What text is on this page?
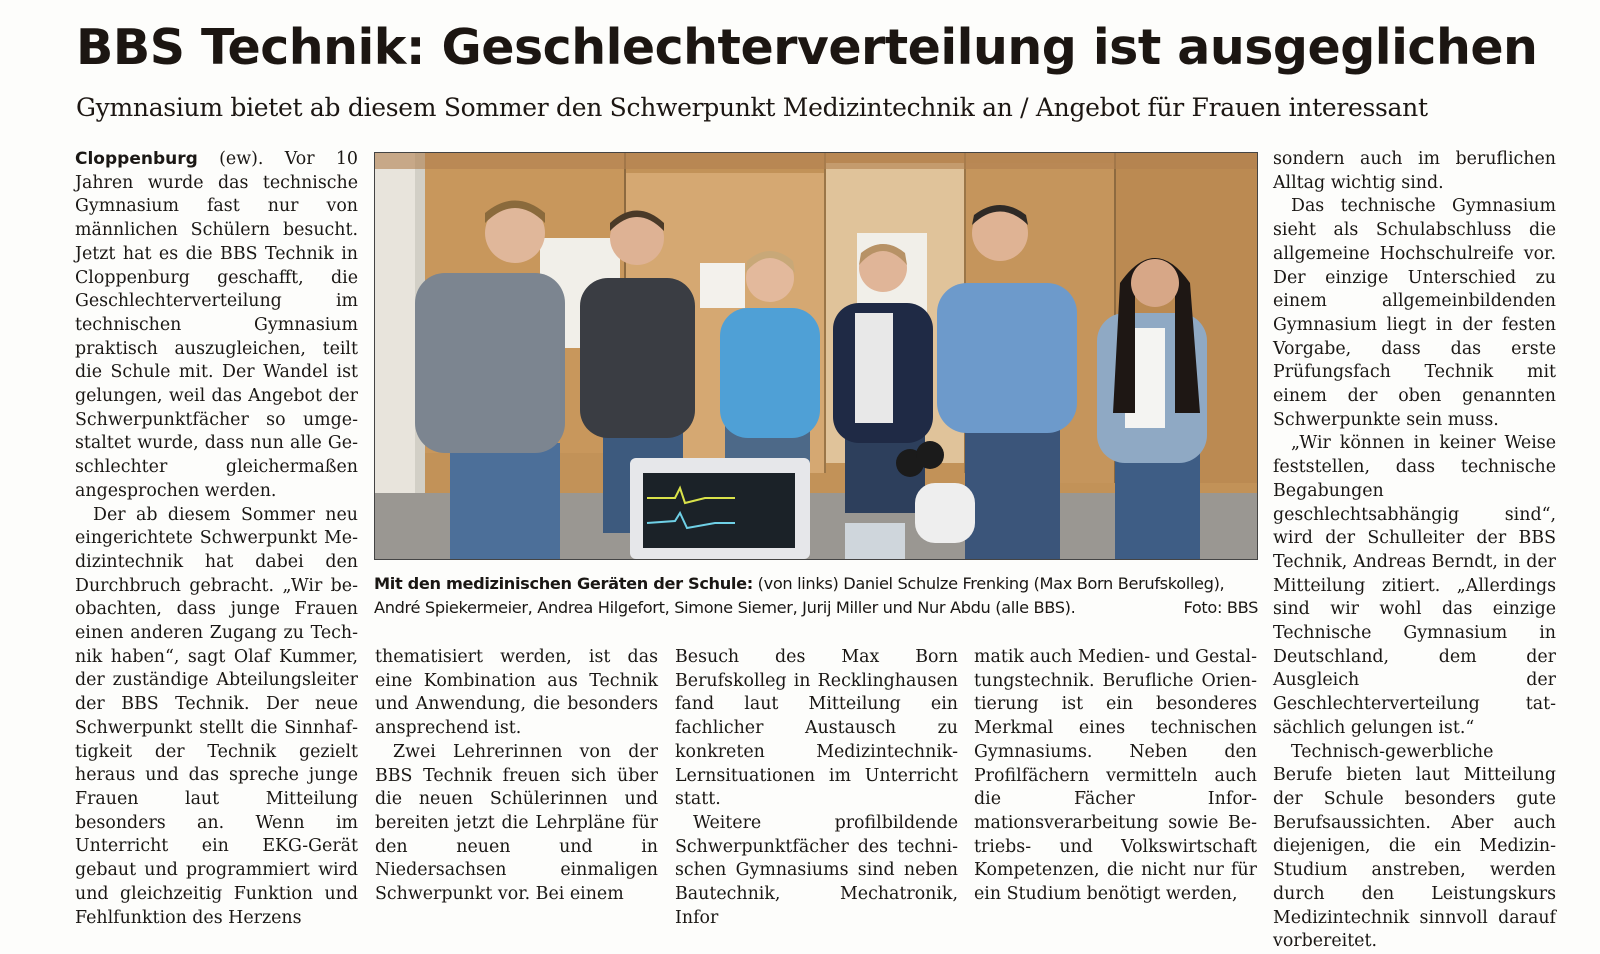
BBS Technik: Geschlechterverteilung ist ausgeglichen
Gymnasium bietet ab diesem Sommer den Schwerpunkt Medizintechnik an / Angebot für Frauen interessant

Cloppenburg (ew). Vor 10 Jahren wurde das technische Gymnasium fast nur von männlichen Schülern besucht. Jetzt hat es die BBS Technik in Cloppenburg geschafft, die Geschlechterverteilung im technischen Gymnasium praktisch auszugleichen, teilt die Schule mit. Der Wandel ist gelungen, weil das Angebot der Schwerpunktfächer so umgestaltet wurde, dass nun alle Geschlechter gleichermaßen angesprochen werden.

Der ab diesem Sommer neu eingerichtete Schwerpunkt Medizintechnik hat dabei den Durchbruch gebracht. „Wir beobachten, dass junge Frauen einen anderen Zugang zu Technik haben“, sagt Olaf Kummer, der zuständige Abteilungsleiter der BBS Technik. Der neue Schwerpunkt stellt die Sinnhaftigkeit der Technik gezielt heraus und das spreche junge Frauen laut Mitteilung besonders an. Wenn im Unterricht ein EKG-Gerät gebaut und programmiert wird und gleichzeitig Funktion und Fehlfunktion des Herzens

Mit den medizinischen Geräten der Schule: (von links) Daniel Schulze Frenking (Max Born Berufskolleg), André Spiekermeier, Andrea Hilgefort, Simone Siemer, Jurij Miller und Nur Abdu (alle BBS).	Foto: BBS

thematisiert werden, ist das eine Kombination aus Technik und Anwendung, die besonders ansprechend ist.

Zwei Lehrerinnen von der BBS Technik freuen sich über die neuen Schülerinnen und bereiten jetzt die Lehrpläne für den neuen und in Niedersachsen einmaligen Schwerpunkt vor. Bei einem

Besuch des Max Born Berufskolleg in Recklinghausen fand laut Mitteilung ein fachlicher Austausch zu konkreten Medizintechnik-Lernsituationen im Unterricht statt.

Weitere profilbildende Schwerpunktfächer des technischen Gymnasiums sind neben Bautechnik, Mechatronik, Infor

matik auch Medien- und Gestaltungstechnik. Berufliche Orientierung ist ein besonderes Merkmal eines technischen Gymnasiums. Neben den Profilfächern vermitteln auch die Fächer Informationsverarbeitung sowie Betriebs- und Volkswirtschaft Kompetenzen, die nicht nur für ein Studium benötigt werden,

sondern auch im beruflichen Alltag wichtig sind.

Das technische Gymnasium sieht als Schulabschluss die allgemeine Hochschulreife vor. Der einzige Unterschied zu einem allgemeinbildenden Gymnasium liegt in der festen Vorgabe, dass das erste Prüfungsfach Technik mit einem der oben genannten Schwerpunkte sein muss.

„Wir können in keiner Weise feststellen, dass technische Begabungen geschlechtsabhängig sind“, wird der Schulleiter der BBS Technik, Andreas Berndt, in der Mitteilung zitiert. „Allerdings sind wir wohl das einzige Technische Gymnasium in Deutschland, dem der Ausgleich der Geschlechterverteilung tatsächlich gelungen ist.“

Technisch-gewerbliche Berufe bieten laut Mitteilung der Schule besonders gute Berufsaussichten. Aber auch diejenigen, die ein Medizin-Studium anstreben, werden durch den Leistungskurs Medizintechnik sinnvoll darauf vorbereitet.
